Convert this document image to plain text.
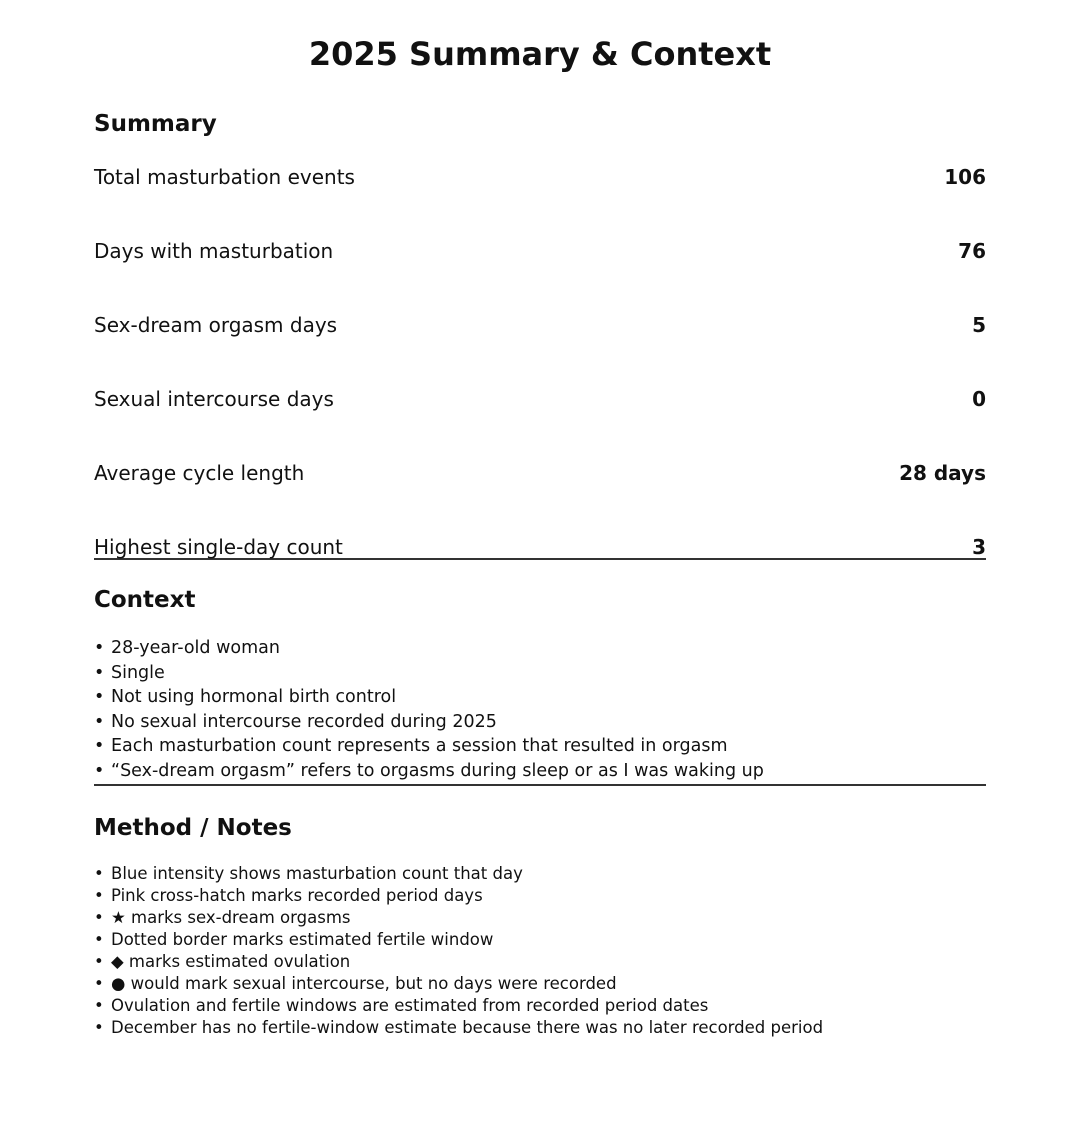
2025 Summary & Context
Summary
Total masturbation events	106
Days with masturbation	76
Sex-dream orgasm days	5
Sexual intercourse days	0
Average cycle length	28 days
Highest single-day count	3
Context
• 28-year-old woman
• Single
• Not using hormonal birth control
• No sexual intercourse recorded during 2025
• Each masturbation count represents a session that resulted in orgasm
• “Sex-dream orgasm” refers to orgasms during sleep or as I was waking up
Method / Notes
• Blue intensity shows masturbation count that day
• Pink cross-hatch marks recorded period days
• ★ marks sex-dream orgasms
• Dotted border marks estimated fertile window
• ◆ marks estimated ovulation
• ● would mark sexual intercourse, but no days were recorded
• Ovulation and fertile windows are estimated from recorded period dates
• December has no fertile-window estimate because there was no later recorded period
